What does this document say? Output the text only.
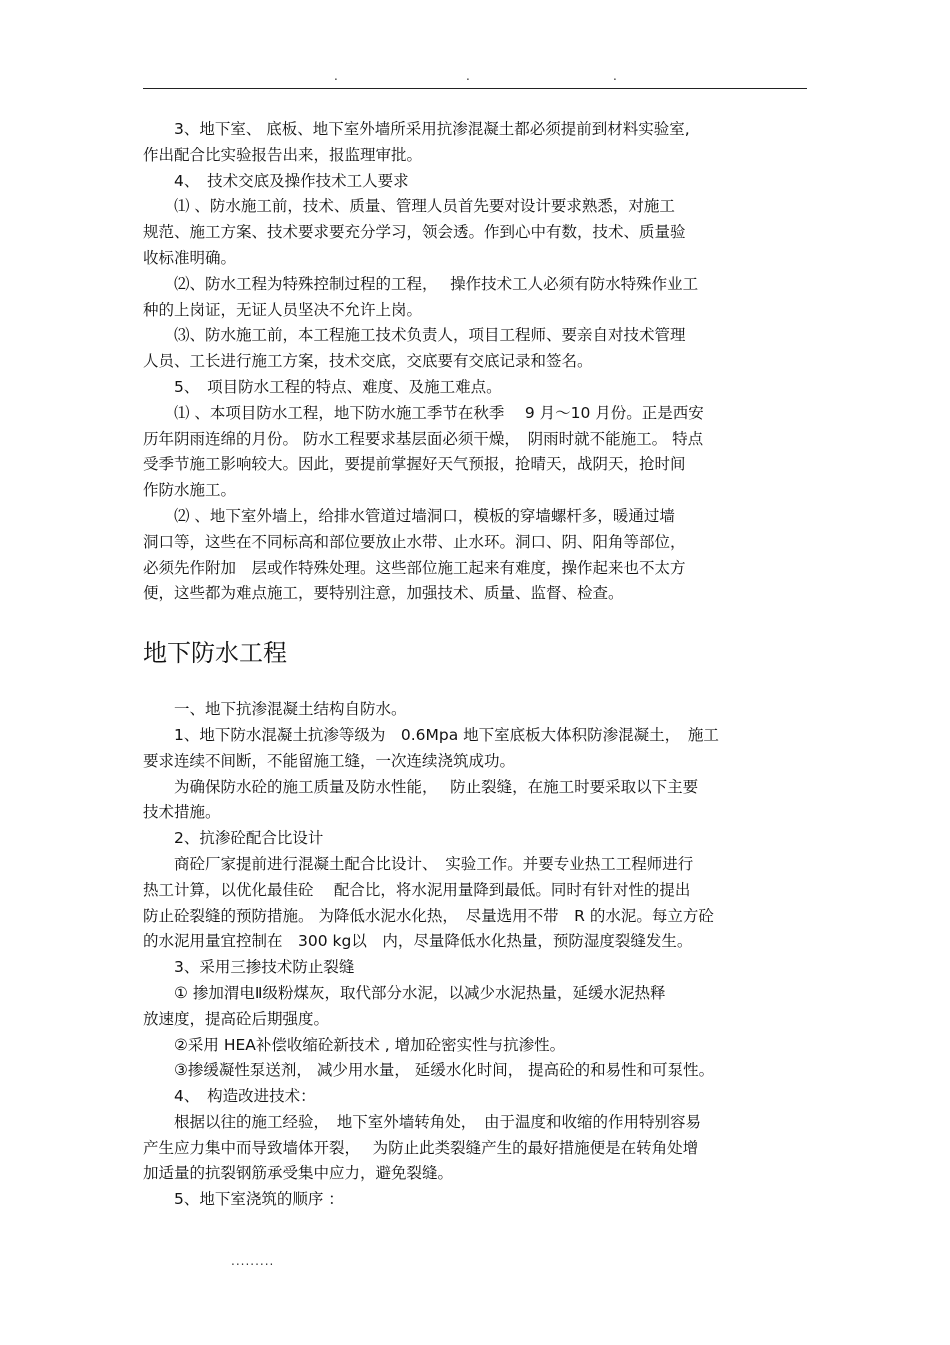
.	.	.
　　3、地下室、 底板、地下室外墙所采用抗渗混凝土都必须提前到材料实验室,
作出配合比实验报告出来，报监理审批。
　　4、　技术交底及操作技术工人要求
　　⑴ 、防水施工前，技术、质量、管理人员首先要对设计要求熟悉，对施工
规范、施工方案、技术要求要充分学习，领会透。作到心中有数，技术、质量验
收标准明确。
　　⑵、防水工程为特殊控制过程的工程，　 操作技术工人必须有防水特殊作业工
种的上岗证，无证人员坚决不允许上岗。
　　⑶、防水施工前，本工程施工技术负责人，项目工程师、要亲自对技术管理
人员、工长进行施工方案，技术交底，交底要有交底记录和签名。
　　5、　项目防水工程的特点、难度、及施工难点。
　　⑴ 、本项目防水工程，地下防水施工季节在秋季　 9 月～10 月份。正是西安
历年阴雨连绵的月份。 防水工程要求基层面必须干燥，　阴雨时就不能施工。 特点
受季节施工影响较大。因此，要提前掌握好天气预报，抢晴天，战阴天，抢时间
作防水施工。
　　⑵ 、地下室外墙上，给排水管道过墙洞口，模板的穿墙螺杆多，暖通过墙
洞口等，这些在不同标高和部位要放止水带、止水环。洞口、阴、阳角等部位，
必须先作附加　层或作特殊处理。这些部位施工起来有难度，操作起来也不太方
便，这些都为难点施工，要特别注意，加强技术、质量、监督、检查。
地下防水工程
　　一、地下抗渗混凝土结构自防水。
　　1、地下防水混凝土抗渗等级为　0.6Mpa 地下室底板大体积防渗混凝土，　施工
要求连续不间断，不能留施工缝，一次连续浇筑成功。
　　为确保防水砼的施工质量及防水性能，　 防止裂缝，在施工时要采取以下主要
技术措施。
　　2、抗渗砼配合比设计
　　商砼厂家提前进行混凝土配合比设计、　实验工作。并要专业热工工程师进行
热工计算，以优化最佳砼　 配合比，将水泥用量降到最低。同时有针对性的提出
防止砼裂缝的预防措施。 为降低水泥水化热，　尽量选用不带　R 的水泥。每立方砼
的水泥用量宜控制在　300 kg以　内，尽量降低水化热量，预防湿度裂缝发生。
　　3、采用三掺技术防止裂缝
　　① 掺加渭电Ⅱ级粉煤灰，取代部分水泥，以减少水泥热量，延缓水泥热释
放速度，提高砼后期强度。
　　②采用 HEA补偿收缩砼新技术 , 增加砼密实性与抗渗性。
　　③掺缓凝性泵送剂， 减少用水量， 延缓水化时间， 提高砼的和易性和可泵性。
　　4、　构造改进技术：
　　根据以往的施工经验，　地下室外墙转角处，　由于温度和收缩的作用特别容易
产生应力集中而导致墙体开裂，　 为防止此类裂缝产生的最好措施便是在转角处增
加适量的抗裂钢筋承受集中应力，避免裂缝。
　　5、地下室浇筑的顺序 ：
.........
